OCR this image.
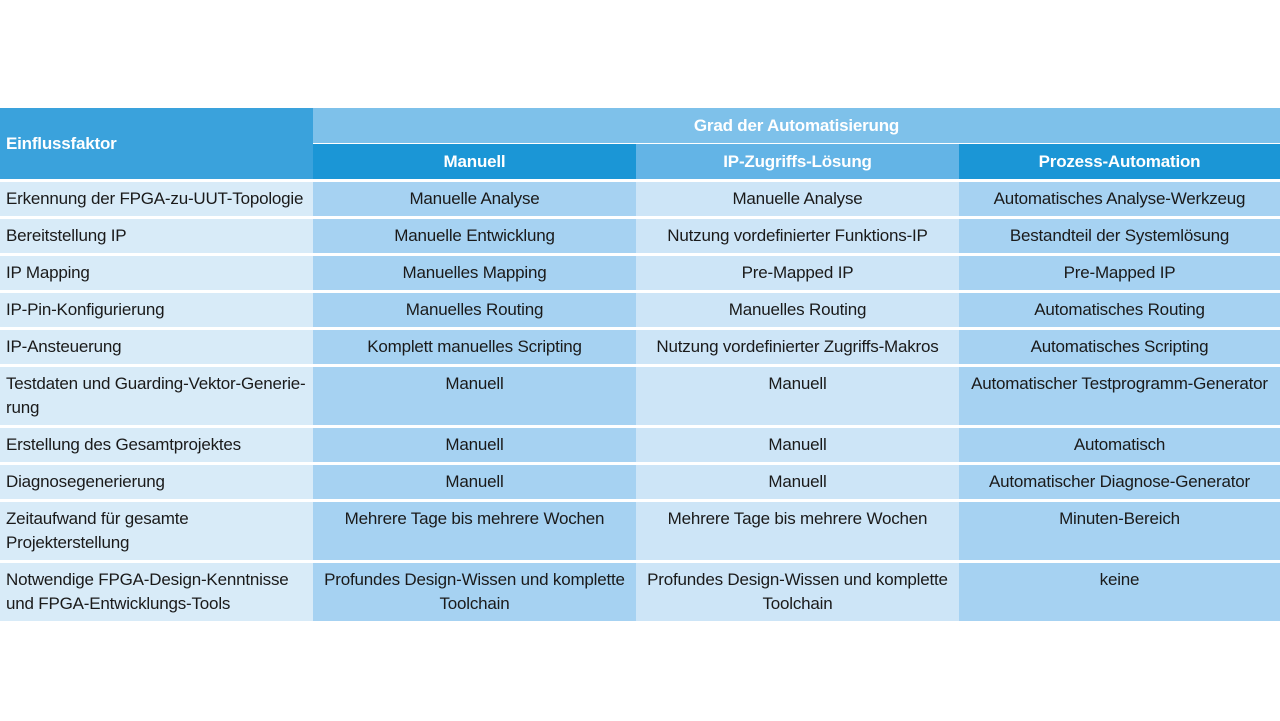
Einflussfaktor	Grad der Automatisierung		
	Manuell	IP-Zugriffs-Lösung	Prozess-Automation
Erkennung der FPGA-zu-UUT-Topologie	Manuelle Analyse	Manuelle Analyse	Automatisches Analyse-Werkzeug
Bereitstellung IP	Manuelle Entwicklung	Nutzung vordefinierter Funktions-IP	Bestandteil der Systemlösung
IP Mapping	Manuelles Mapping	Pre-Mapped IP	Pre-Mapped IP
IP-Pin-Konfigurierung	Manuelles Routing	Manuelles Routing	Automatisches Routing
IP-Ansteuerung	Komplett manuelles Scripting	Nutzung vordefinierter Zugriffs-Makros	Automatisches Scripting
Testdaten und Guarding-Vektor-Generie-rung	Manuell	Manuell	Automatischer Testprogramm-Generator
Erstellung des Gesamtprojektes	Manuell	Manuell	Automatisch
Diagnosegenerierung	Manuell	Manuell	Automatischer Diagnose-Generator
Zeitaufwand für gesamte Projekterstellung	Mehrere Tage bis mehrere Wochen	Mehrere Tage bis mehrere Wochen	Minuten-Bereich
Notwendige FPGA-Design-Kenntnisse und FPGA-Entwicklungs-Tools	Profundes Design-Wissen und komplette Toolchain	Profundes Design-Wissen und komplette Toolchain	keine
